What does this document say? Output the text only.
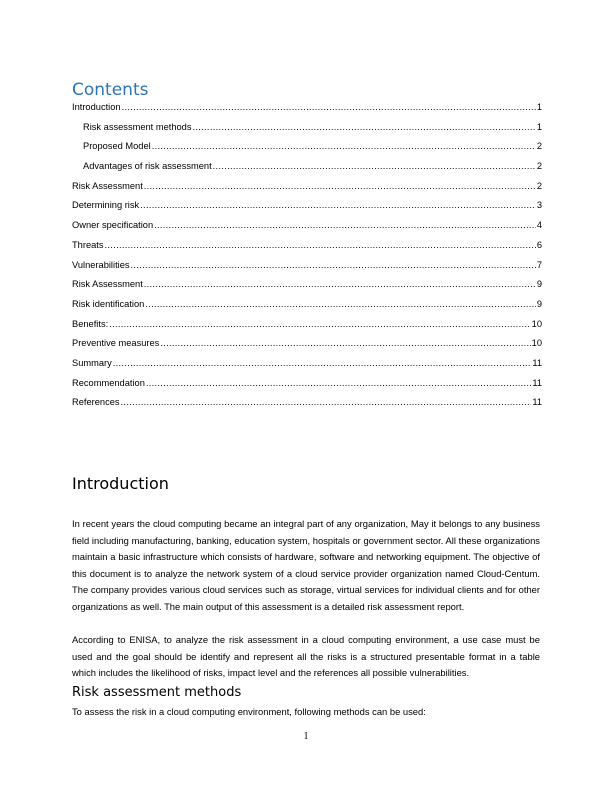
Contents
Introduction .....	1
Risk assessment methods .....	1
Proposed Model .....	2
Advantages of risk assessment .....	2
Risk Assessment .....	2
Determining risk .....	3
Owner specification .....	4
Threats .....	6
Vulnerabilities .....	7
Risk Assessment .....	9
Risk identification .....	9
Benefits: .....	10
Preventive measures .....	10
Summary .....	11
Recommendation .....	11
References .....	11
Introduction

In recent years the cloud computing became an integral part of any organization, May it belongs to any business field including manufacturing, banking, education system, hospitals or government sector. All these organizations maintain a basic infrastructure which consists of hardware, software and networking equipment. The objective of this document is to analyze the network system of a cloud service provider organization named Cloud-Centum. The company provides various cloud services such as storage, virtual services for individual clients and for other organizations as well. The main output of this assessment is a detailed risk assessment report.

According to ENISA, to analyze the risk assessment in a cloud computing environment, a use case must be used and the goal should be identify and represent all the risks is a structured presentable format in a table which includes the likelihood of risks, impact level and the references all possible vulnerabilities.

Risk assessment methods

To assess the risk in a cloud computing environment, following methods can be used:

1
